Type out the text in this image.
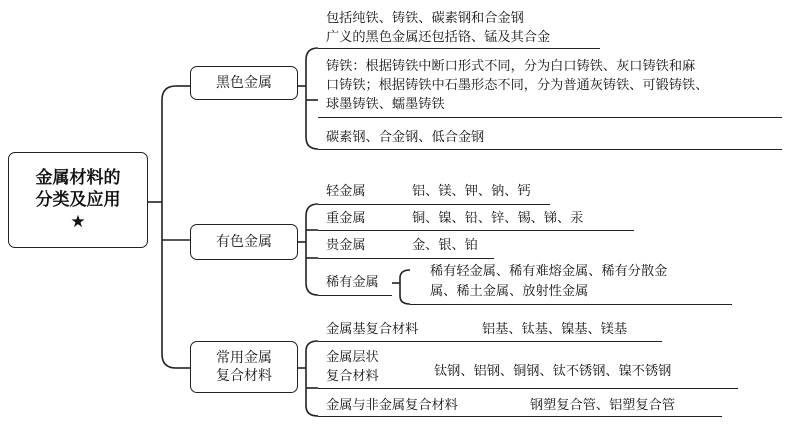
金属材料的
分类及应用
★
黑色金属
有色金属
常用金属
复合材料
包括纯铁、铸铁、碳素钢和合金钢
广义的黑色金属还包括铬、锰及其合金
铸铁：根据铸铁中断口形式不同，分为白口铸铁、灰口铸铁和麻
口铸铁；根据铸铁中石墨形态不同，分为普通灰铸铁、可锻铸铁、
球墨铸铁、蠕墨铸铁
碳素钢、合金钢、低合金钢
轻金属	铝、镁、钾、钠、钙
重金属	铜、镍、铅、锌、锡、锑、汞
贵金属	金、银、铂
稀有金属
稀有轻金属、稀有难熔金属、稀有分散金
属、稀土金属、放射性金属
金属基复合材料	铝基、钛基、镍基、镁基
金属层状
复合材料	钛钢、铝钢、铜钢、钛不锈钢、镍不锈钢
金属与非金属复合材料	钢塑复合管、铝塑复合管
